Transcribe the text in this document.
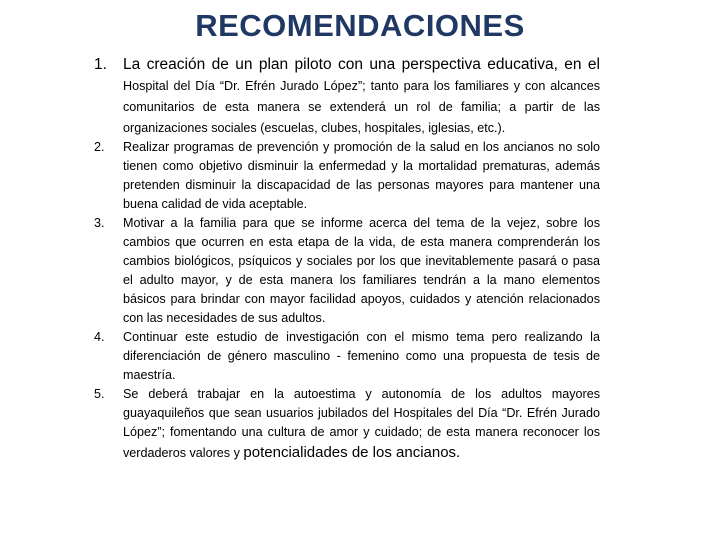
RECOMENDACIONES
1.	La creación de un plan piloto con una perspectiva educativa, en el Hospital del Día “Dr. Efrén Jurado López”; tanto para los familiares y con alcances comunitarios de esta manera se extenderá un rol de familia; a partir de las organizaciones sociales (escuelas, clubes, hospitales, iglesias, etc.).
2.	Realizar programas de prevención y promoción de la salud en los ancianos no solo tienen como objetivo disminuir la enfermedad y la mortalidad prematuras, además pretenden disminuir la discapacidad de las personas mayores para mantener una buena calidad de vida aceptable.
3.	Motivar a la familia para que se informe acerca del tema de la vejez, sobre los cambios que ocurren en esta etapa de la vida, de esta manera comprenderán los cambios biológicos, psíquicos y sociales por los que inevitablemente pasará o pasa el adulto mayor, y de esta manera los familiares tendrán a la mano elementos básicos para brindar con mayor facilidad apoyos, cuidados y atención relacionados con las necesidades de sus adultos.
4.	Continuar este estudio de investigación con el mismo tema pero realizando la diferenciación de género masculino - femenino como una propuesta de tesis de maestría.
5.	Se deberá trabajar en la autoestima y autonomía de los adultos mayores guayaquileños que sean usuarios jubilados del Hospitales del Día “Dr. Efrén Jurado López”; fomentando una cultura de amor y cuidado; de esta manera reconocer los verdaderos valores y potencialidades de los ancianos.
